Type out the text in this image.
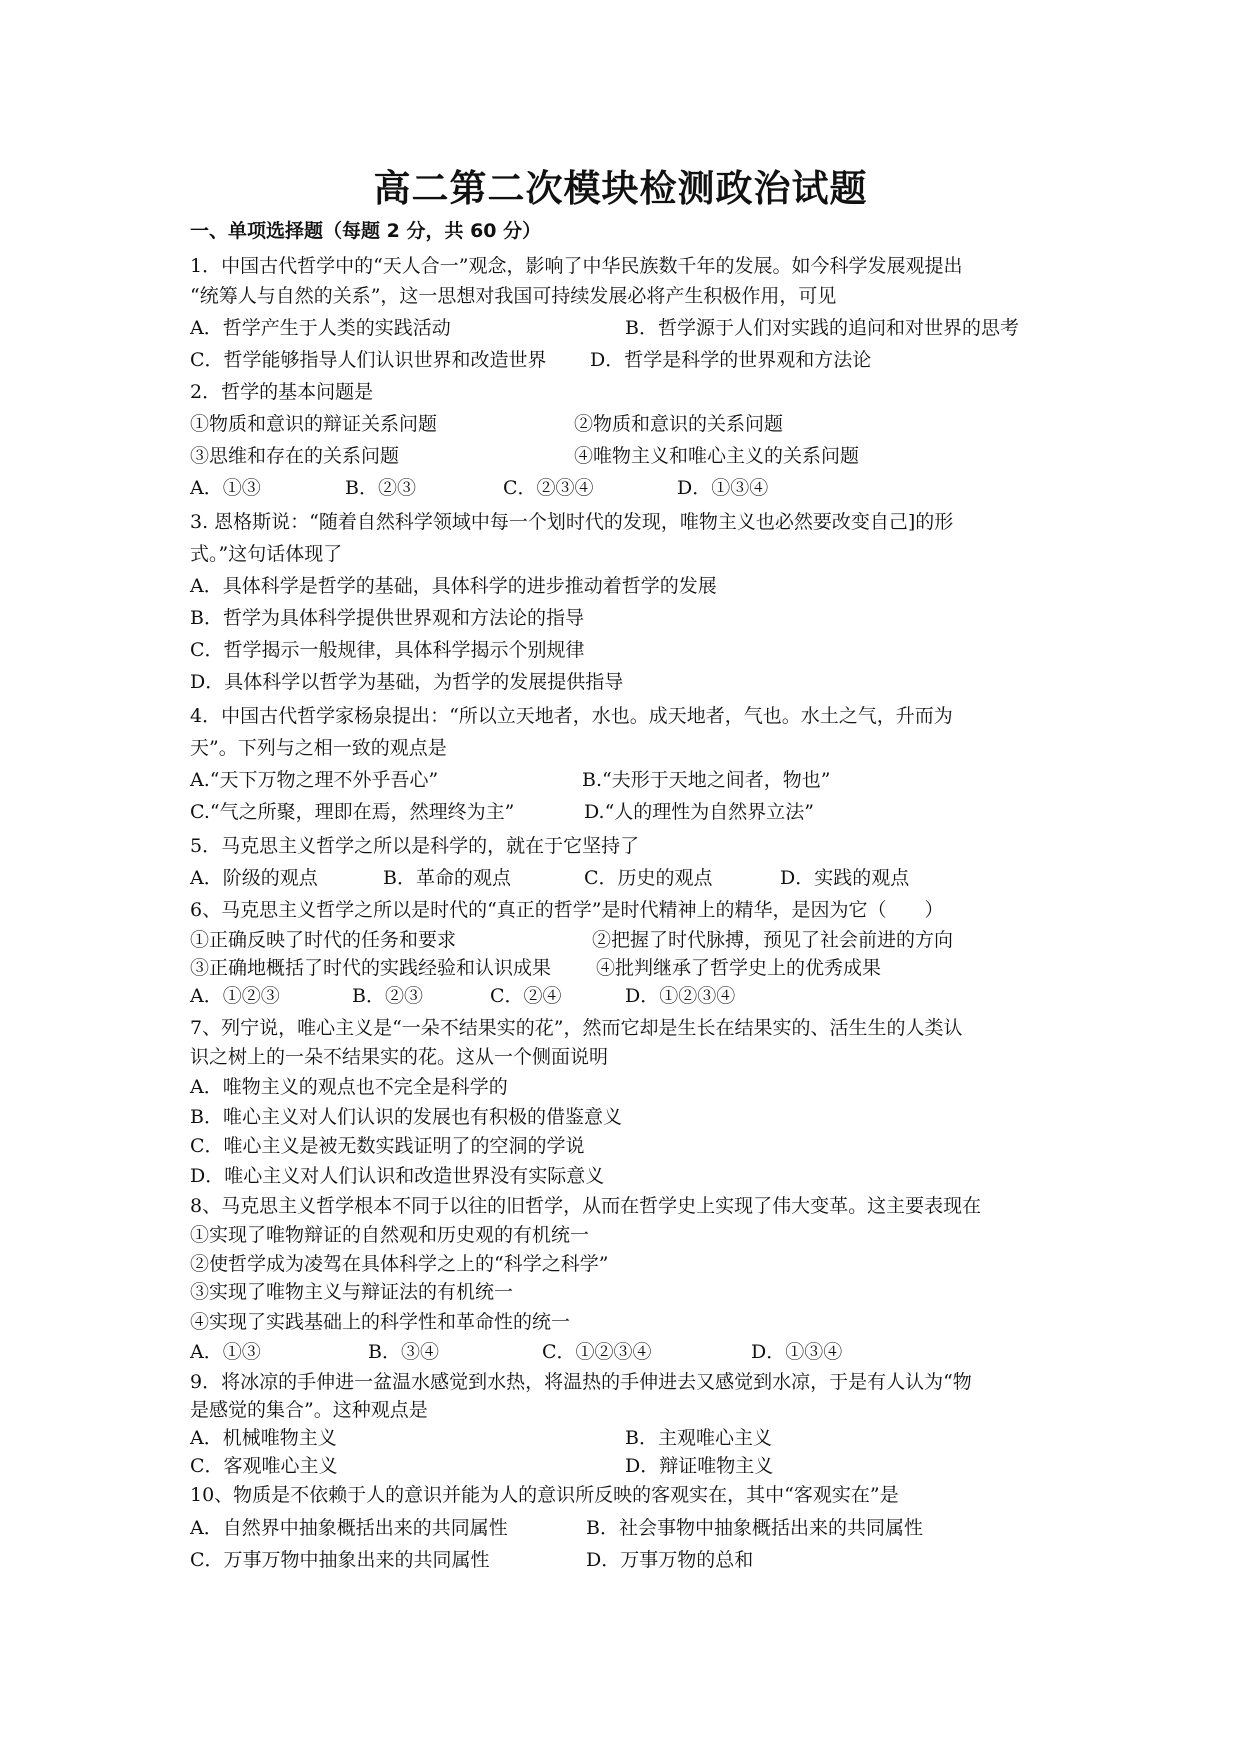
高二第二次模块检测政治试题
一、单项选择题（每题 2 分，共 60 分）
1．中国古代哲学中的“天人合一”观念，影响了中华民族数千年的发展。如今科学发展观提出
“统筹人与自然的关系”，这一思想对我国可持续发展必将产生积极作用，可见
A．哲学产生于人类的实践活动	B．哲学源于人们对实践的追问和对世界的思考
C．哲学能够指导人们认识世界和改造世界 D．哲学是科学的世界观和方法论
2．哲学的基本问题是
①物质和意识的辩证关系问题	②物质和意识的关系问题
③思维和存在的关系问题	④唯物主义和唯心主义的关系问题
A．①③	B．②③	C．②③④	D．①③④
3. 恩格斯说：“随着自然科学领域中每一个划时代的发现，唯物主义也必然要改变自己]的形
式。”这句话体现了
A．具体科学是哲学的基础，具体科学的进步推动着哲学的发展
B．哲学为具体科学提供世界观和方法论的指导
C．哲学揭示一般规律，具体科学揭示个别规律
D．具体科学以哲学为基础，为哲学的发展提供指导
4．中国古代哲学家杨泉提出：“所以立天地者，水也。成天地者，气也。水土之气，升而为
天”。下列与之相一致的观点是
A.“天下万物之理不外乎吾心”	B.“夫形于天地之间者，物也”
C.“气之所聚，理即在焉，然理终为主”	D.“人的理性为自然界立法”
5．马克思主义哲学之所以是科学的，就在于它坚持了
A．阶级的观点	B．革命的观点	C．历史的观点	D．实践的观点
6、马克思主义哲学之所以是时代的“真正的哲学”是时代精神上的精华，是因为它（　　）
①正确反映了时代的任务和要求	②把握了时代脉搏，预见了社会前进的方向
③正确地概括了时代的实践经验和认识成果 ④批判继承了哲学史上的优秀成果
A．①②③	B．②③	C．②④	D．①②③④
7、列宁说，唯心主义是“一朵不结果实的花”，然而它却是生长在结果实的、活生生的人类认
识之树上的一朵不结果实的花。这从一个侧面说明
A．唯物主义的观点也不完全是科学的
B．唯心主义对人们认识的发展也有积极的借鉴意义
C．唯心主义是被无数实践证明了的空洞的学说
D．唯心主义对人们认识和改造世界没有实际意义
8、马克思主义哲学根本不同于以往的旧哲学，从而在哲学史上实现了伟大变革。这主要表现在
①实现了唯物辩证的自然观和历史观的有机统一
②使哲学成为凌驾在具体科学之上的“科学之科学”
③实现了唯物主义与辩证法的有机统一
④实现了实践基础上的科学性和革命性的统一
A．①③	B．③④	C．①②③④	D．①③④
9．将冰凉的手伸进一盆温水感觉到水热，将温热的手伸进去又感觉到水凉，于是有人认为“物
是感觉的集合”。这种观点是
A．机械唯物主义	B．主观唯心主义
C．客观唯心主义	D．辩证唯物主义
10、物质是不依赖于人的意识并能为人的意识所反映的客观实在，其中“客观实在”是
A．自然界中抽象概括出来的共同属性	B．社会事物中抽象概括出来的共同属性
C．万事万物中抽象出来的共同属性	D．万事万物的总和
